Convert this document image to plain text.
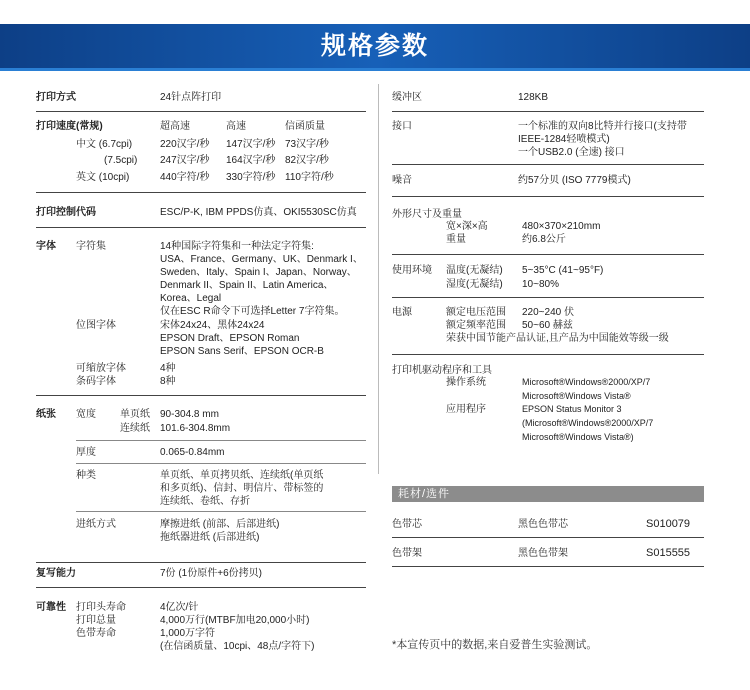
规格参数
打印方式	24针点阵打印
打印速度(常规)	超高速	高速	信函质量
中文 (6.7cpi)	220汉字/秒 147汉字/秒 73汉字/秒
(7.5cpi) 247汉字/秒 164汉字/秒 82汉字/秒
英文 (10cpi)	440字符/秒 330字符/秒 110字符/秒
打印控制代码	ESC/P-K, IBM PPDS仿真、OKI5530SC仿真
字体 字符集	14种国际字符集和一种法定字符集:
USA、France、Germany、UK、Denmark I、
Sweden、Italy、Spain I、Japan、Norway、
Denmark II、Spain II、Latin America、
Korea、Legal
仅在ESC R命令下可选择Letter 7字符集。
位图字体	宋体24x24、黑体24x24
EPSON Draft、EPSON Roman
EPSON Sans Serif、EPSON OCR-B
可缩放字体	4种
条码字体	8种
纸张 宽度 单页纸 90-304.8 mm
连续纸 101.6-304.8mm
厚度	0.065-0.84mm
种类	单页纸、单页拷贝纸、连续纸(单页纸
和多页纸)、信封、明信片、带标签的
连续纸、卷纸、存折
进纸方式	摩擦进纸 (前部、后部进纸)
拖纸器进纸 (后部进纸)
复写能力	7份 (1份原件+6份拷贝)
可靠性 打印头寿命	4亿次/针
打印总量	4,000万行(MTBF加电20,000小时)
色带寿命	1,000万字符
(在信函质量、10cpi、48点/字符下)
缓冲区	128KB
接口	一个标准的双向8比特并行接口(支持带
IEEE-1284轻喷模式)
一个USB2.0 (全速) 接口
噪音	约57分贝 (ISO 7779模式)
外形尺寸及重量
宽×深×高	480×370×210mm
重量	约6.8公斤
使用环境 温度(无凝结) 5~35°C (41~95°F)
湿度(无凝结) 10~80%
电源	额定电压范围 220~240 伏
额定频率范围 50~60 赫兹
荣获中国节能产品认证,且产品为中国能效等级一级
打印机驱动程序和工具
操作系统	Microsoft®Windows®2000/XP/7
Microsoft®Windows Vista®
应用程序	EPSON Status Monitor 3
(Microsoft®Windows®2000/XP/7
Microsoft®Windows Vista®)
耗材/选件
色带芯	黑色色带芯	S010079
色带架	黑色色带架	S015555
*本宣传页中的数据,来自爱普生实验测试。
